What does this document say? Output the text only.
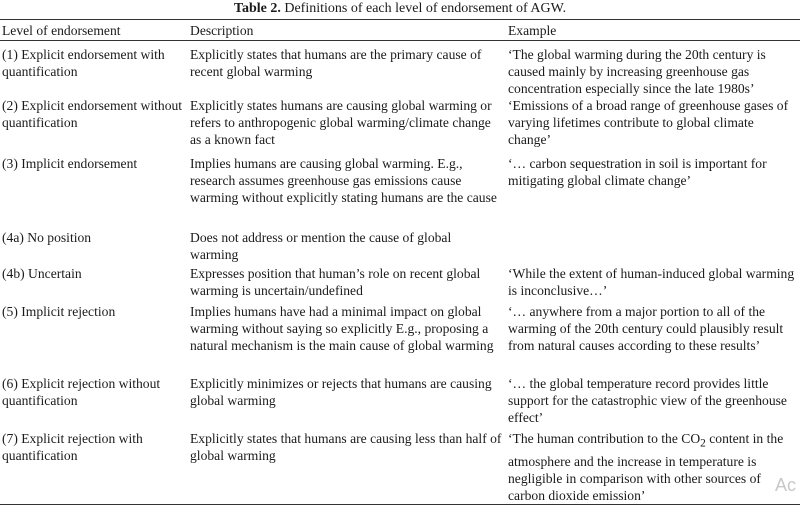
Table 2. Definitions of each level of endorsement of AGW.
Level of endorsement	Description	Example
(1) Explicit endorsement with quantification	Explicitly states that humans are the primary cause of recent global warming	‘The global warming during the 20th century is caused mainly by increasing greenhouse gas concentration especially since the late 1980s’
(2) Explicit endorsement without quantification	Explicitly states humans are causing global warming or refers to anthropogenic global warming/climate change as a known fact	‘Emissions of a broad range of greenhouse gases of varying lifetimes contribute to global climate change’
(3) Implicit endorsement	Implies humans are causing global warming. E.g., research assumes greenhouse gas emissions cause warming without explicitly stating humans are the cause	‘… carbon sequestration in soil is important for mitigating global climate change’
(4a) No position	Does not address or mention the cause of global warming	
(4b) Uncertain	Expresses position that human’s role on recent global warming is uncertain/undefined	‘While the extent of human-induced global warming is inconclusive…’
(5) Implicit rejection	Implies humans have had a minimal impact on global warming without saying so explicitly E.g., proposing a natural mechanism is the main cause of global warming	‘… anywhere from a major portion to all of the warming of the 20th century could plausibly result from natural causes according to these results’
(6) Explicit rejection without quantification	Explicitly minimizes or rejects that humans are causing global warming	‘… the global temperature record provides little support for the catastrophic view of the greenhouse effect’
(7) Explicit rejection with quantification	Explicitly states that humans are causing less than half of global warming	‘The human contribution to the $CO_2$ content in the atmosphere and the increase in temperature is negligible in comparison with other sources of carbon dioxide emission’
Ac
